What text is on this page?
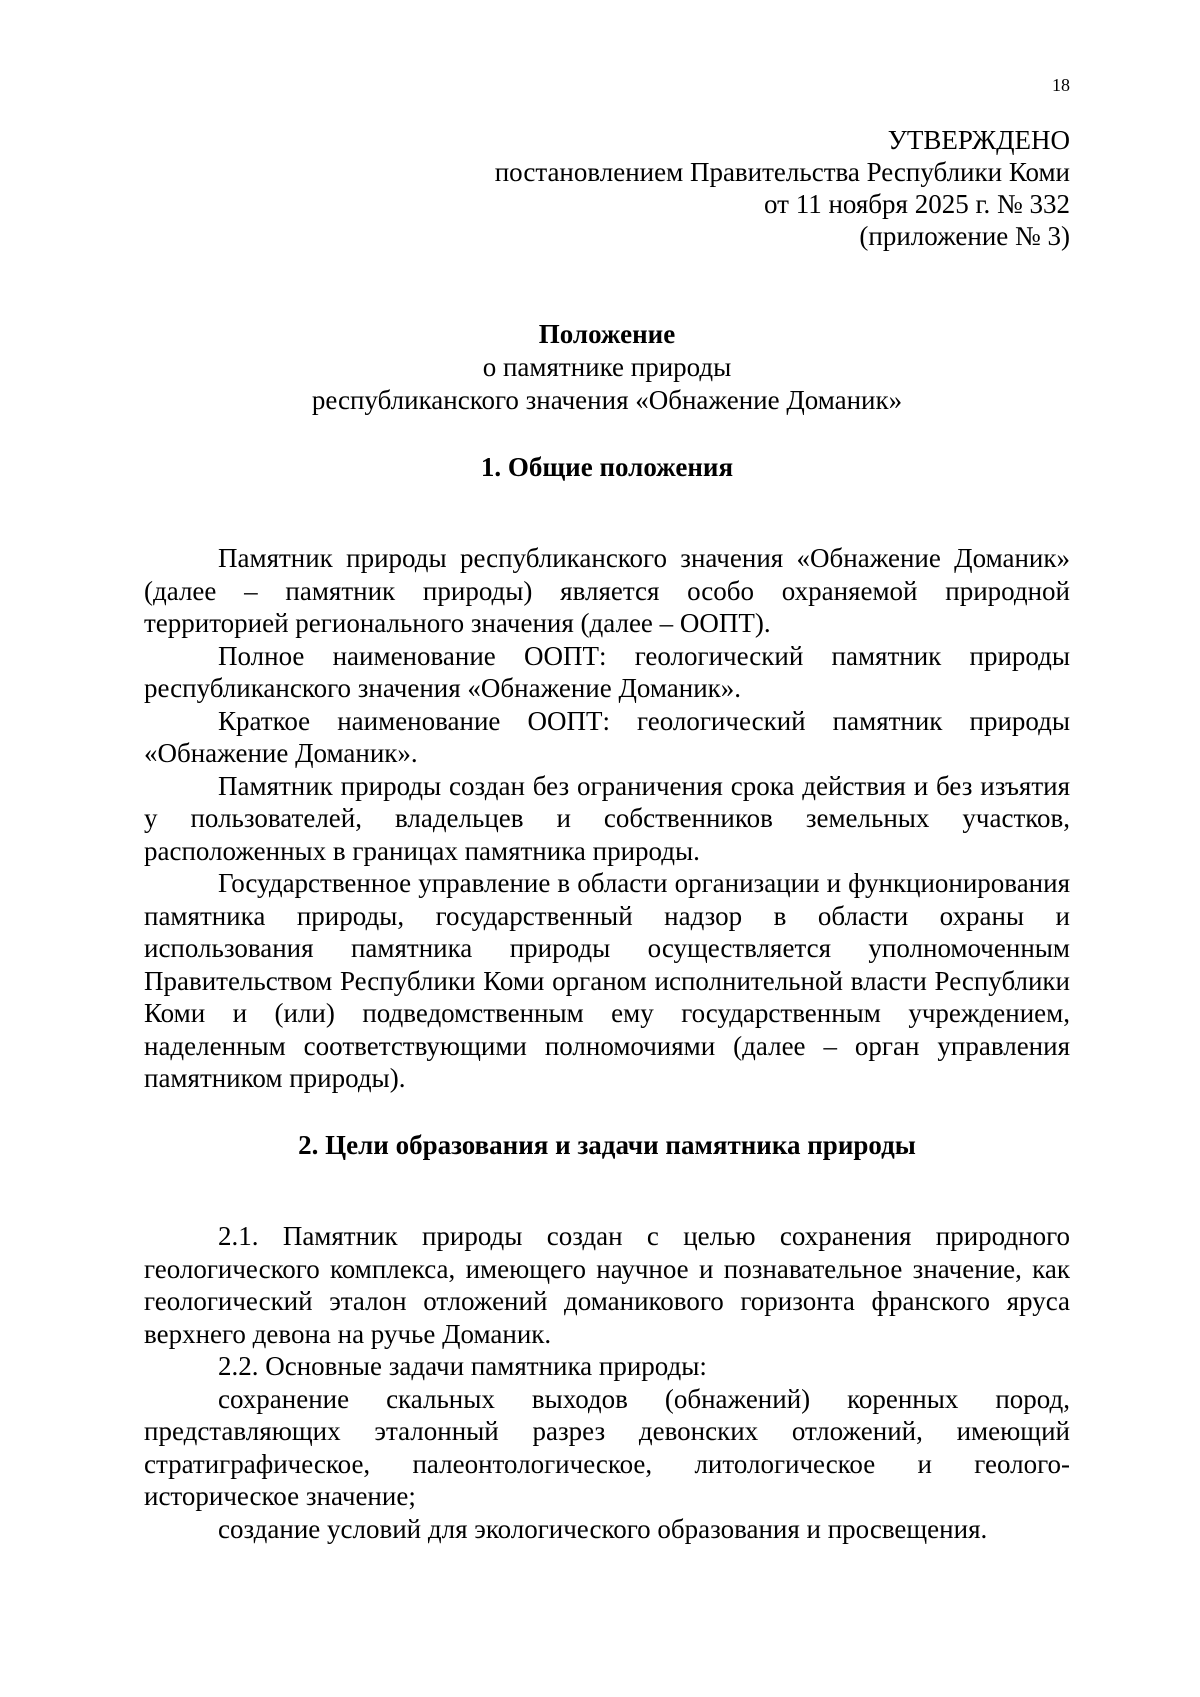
18
УТВЕРЖДЕНО
постановлением Правительства Республики Коми
от 11 ноября 2025 г. № 332
(приложение № 3)
Положение
о памятнике природы
республиканского значения «Обнажение Доманик»
1. Общие положения

Памятник природы республиканского значения «Обнажение Доманик» (далее – памятник природы) является особо охраняемой природной территорией регионального значения (далее – ООПТ).

Полное наименование ООПТ: геологический памятник природы республиканского значения «Обнажение Доманик».

Краткое наименование ООПТ: геологический памятник природы «Обнажение Доманик».

Памятник природы создан без ограничения срока действия и без изъятия у пользователей, владельцев и собственников земельных участков, расположенных в границах памятника природы.

Государственное управление в области организации и функционирования памятника природы, государственный надзор в области охраны и использования памятника природы осуществляется уполномоченным Правительством Республики Коми органом исполнительной власти Республики Коми и (или) подведомственным ему государственным учреждением, наделенным соответствующими полномочиями (далее – орган управления памятником природы).

2. Цели образования и задачи памятника природы

2.1. Памятник природы создан с целью сохранения природного геологического комплекса, имеющего научное и познавательное значение, как геологический эталон отложений доманикового горизонта франского яруса верхнего девона на ручье Доманик.

2.2. Основные задачи памятника природы:

сохранение скальных выходов (обнажений) коренных пород, представляющих эталонный разрез девонских отложений, имеющий стратиграфическое, палеонтологическое, литологическое и геолого-историческое значение;

создание условий для экологического образования и просвещения.
